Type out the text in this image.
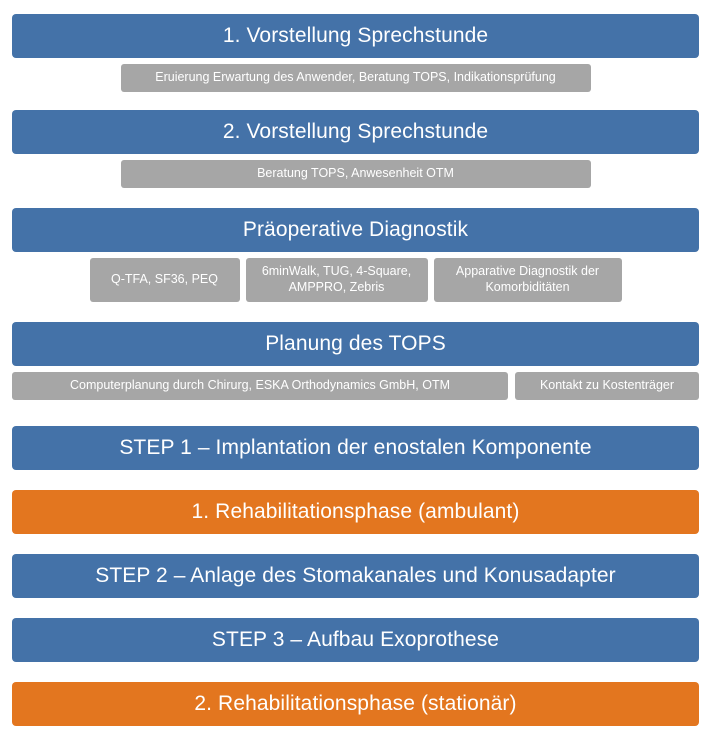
1. Vorstellung Sprechstunde
Eruierung Erwartung des Anwender, Beratung TOPS, Indikationsprüfung
2. Vorstellung Sprechstunde
Beratung TOPS, Anwesenheit OTM
Präoperative Diagnostik
Q-TFA, SF36, PEQ
6minWalk, TUG, 4-Square, AMPPRO, Zebris
Apparative Diagnostik der Komorbiditäten
Planung des TOPS
Computerplanung durch Chirurg, ESKA Orthodynamics GmbH, OTM	Kontakt zu Kostenträger
STEP 1 – Implantation der enostalen Komponente
1. Rehabilitationsphase (ambulant)
STEP 2 – Anlage des Stomakanales und Konusadapter
STEP 3 – Aufbau Exoprothese
2. Rehabilitationsphase (stationär)
